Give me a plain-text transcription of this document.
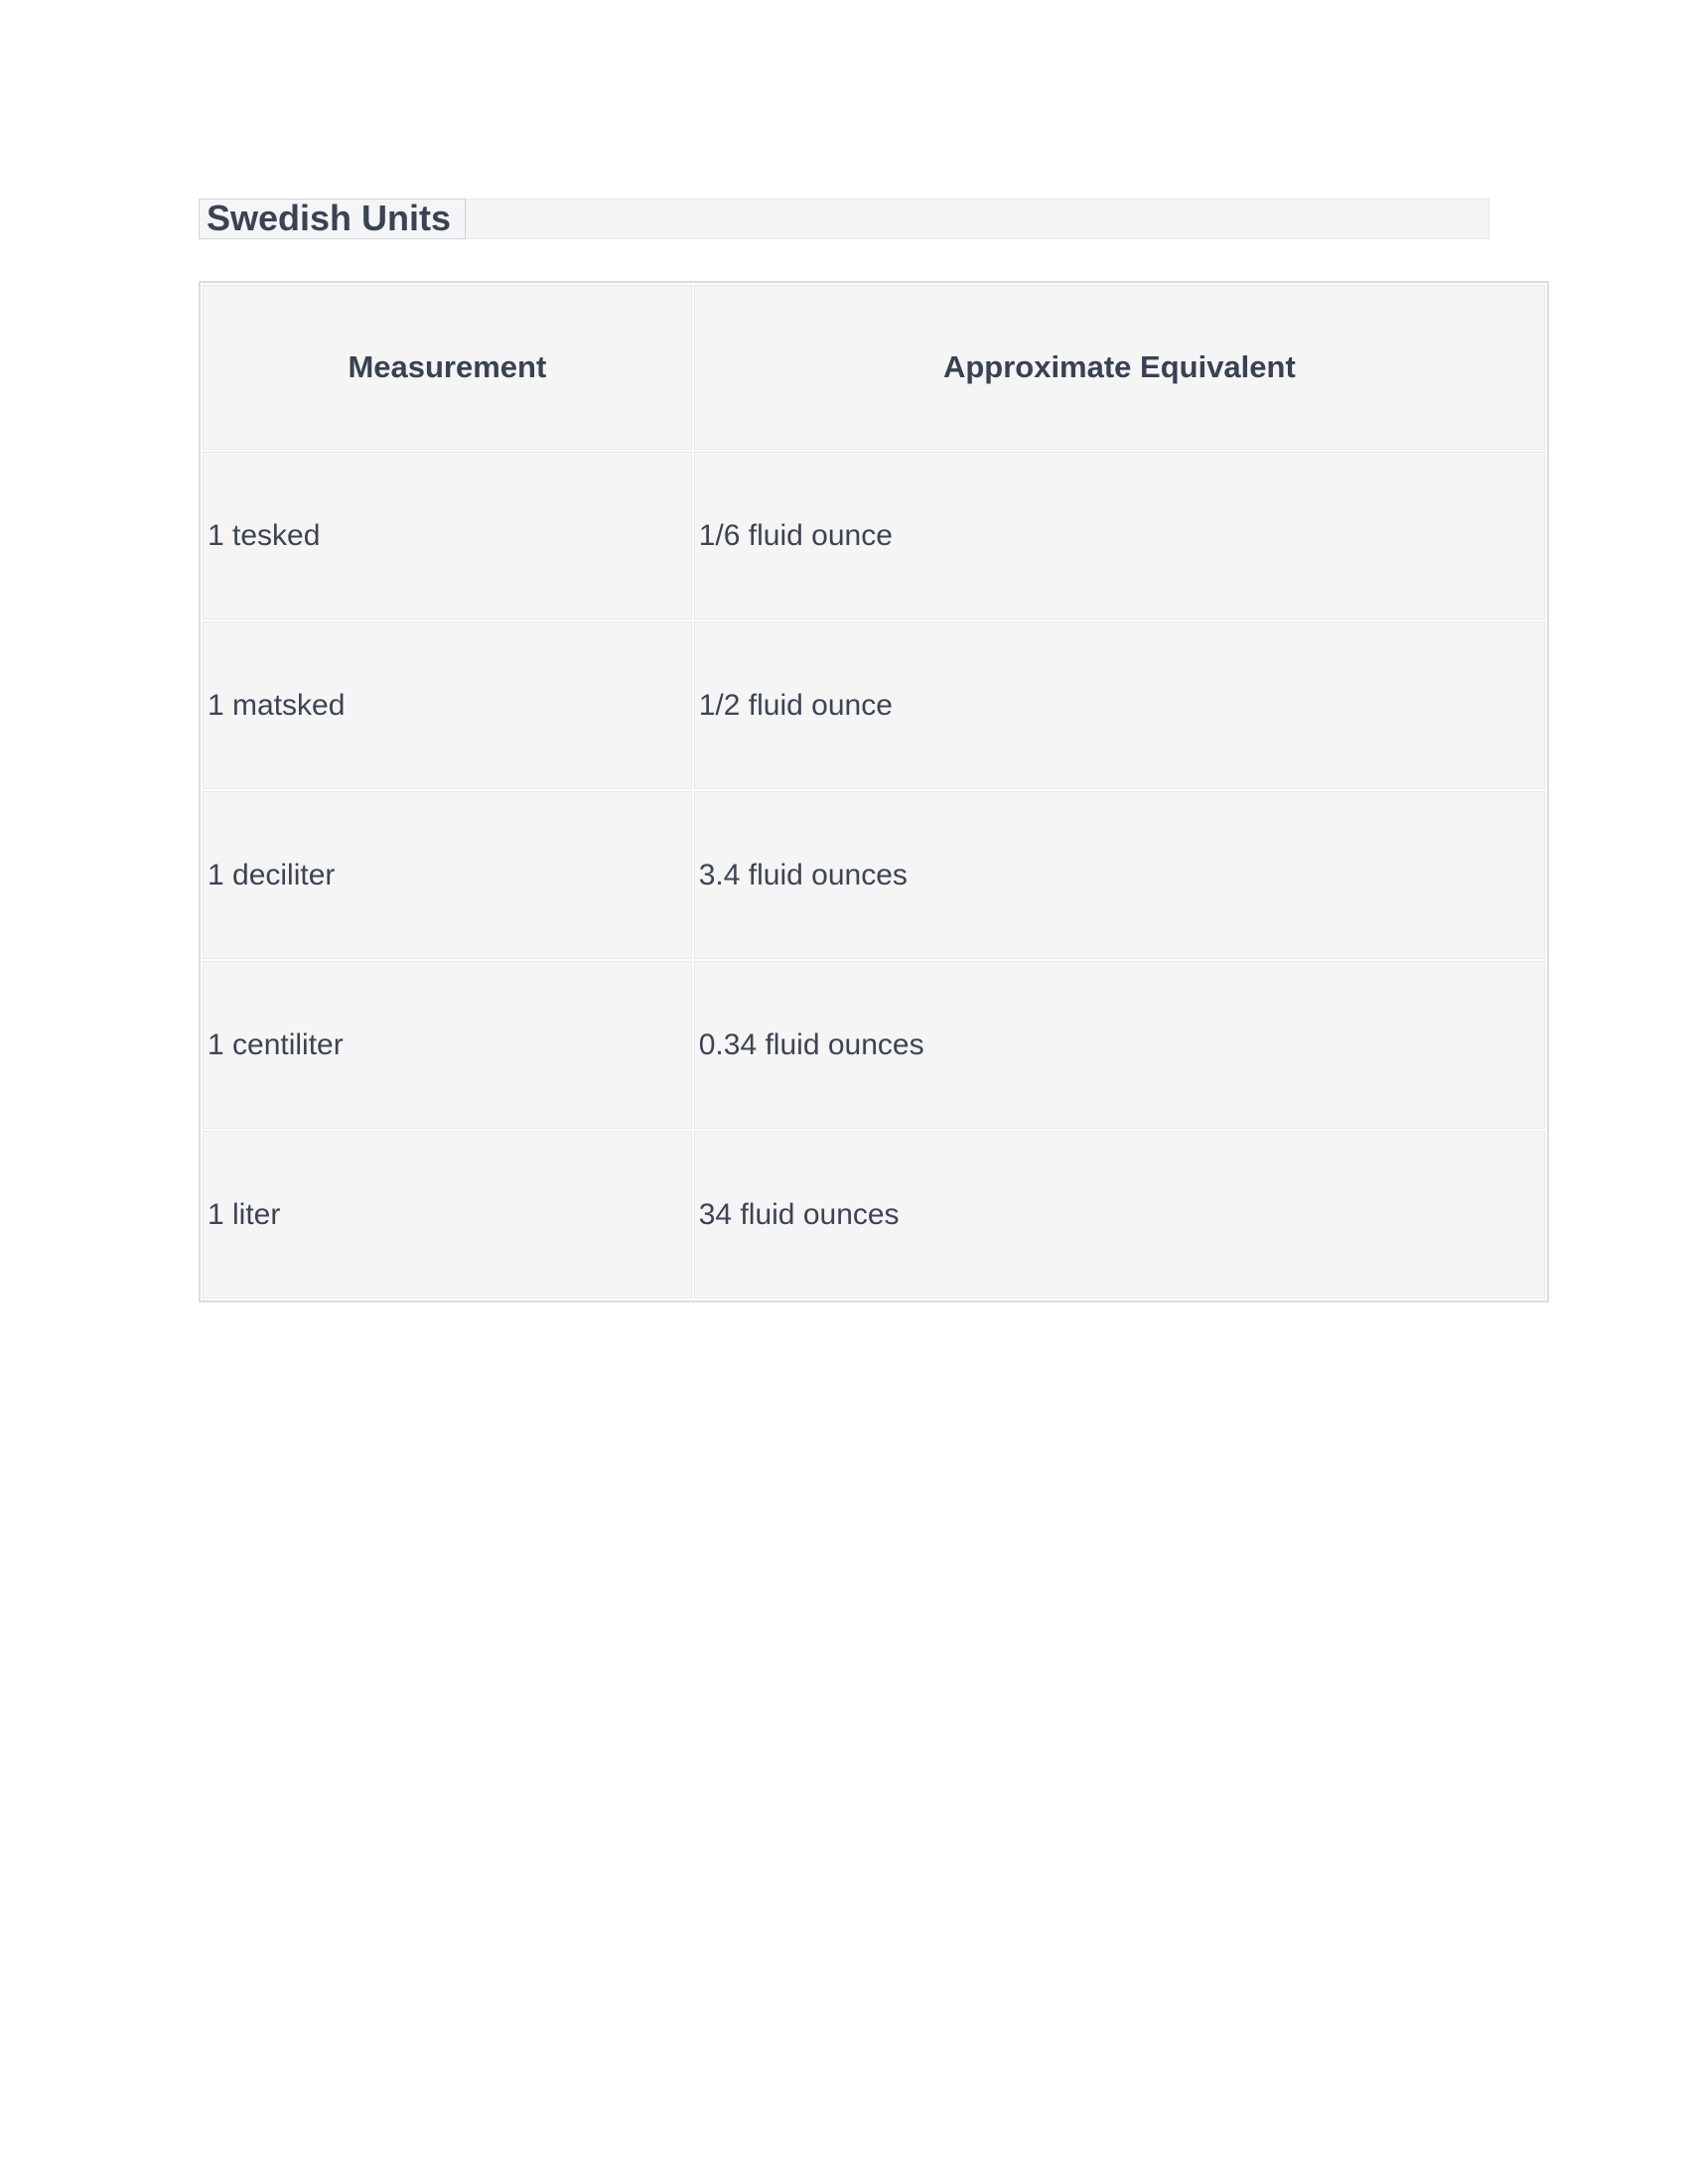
Swedish Units
Measurement	Approximate Equivalent
1 tesked	1/6 fluid ounce
1 matsked	1/2 fluid ounce
1 deciliter	3.4 fluid ounces
1 centiliter	0.34 fluid ounces
1 liter	34 fluid ounces
